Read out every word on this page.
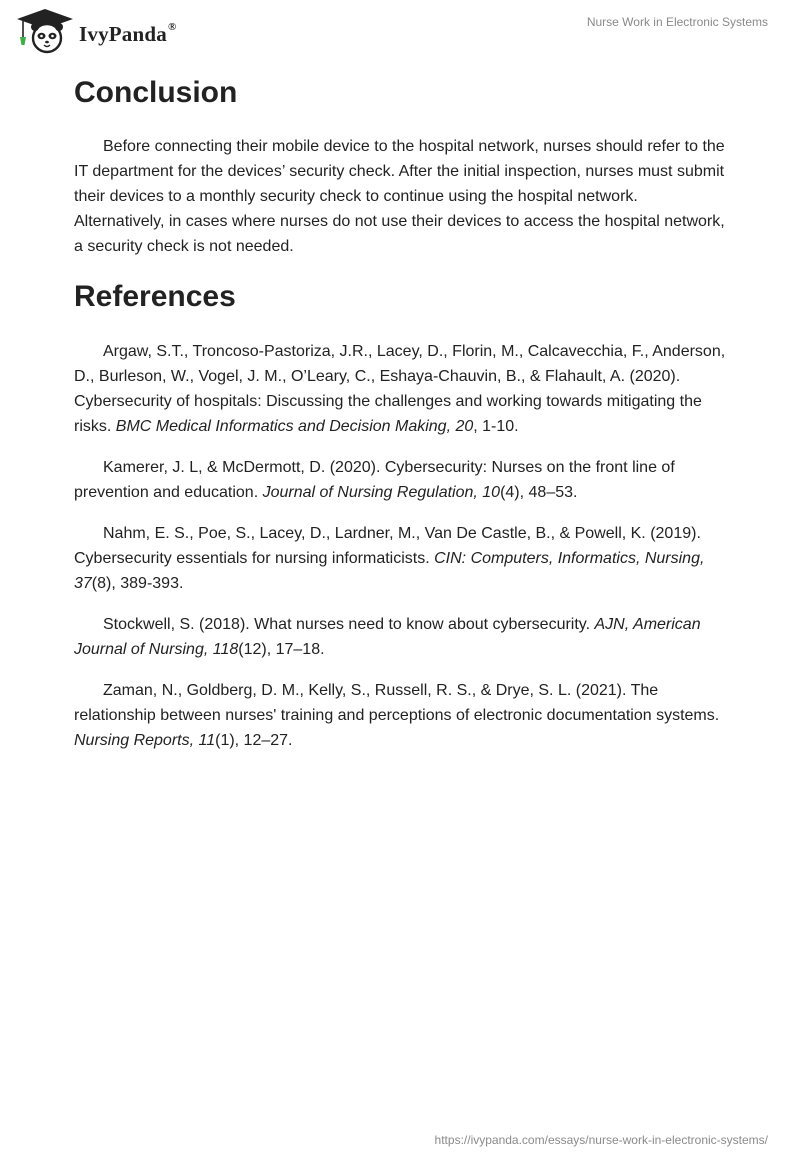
IvyPanda®	Nurse Work in Electronic Systems
Conclusion

Before connecting their mobile device to the hospital network, nurses should refer to the IT department for the devices’ security check. After the initial inspection, nurses must submit their devices to a monthly security check to continue using the hospital network. Alternatively, in cases where nurses do not use their devices to access the hospital network, a security check is not needed.

References

Argaw, S.T., Troncoso-Pastoriza, J.R., Lacey, D., Florin, M., Calcavecchia, F., Anderson, D., Burleson, W., Vogel, J. M., O’Leary, C., Eshaya-Chauvin, B., & Flahault, A. (2020). Cybersecurity of hospitals: Discussing the challenges and working towards mitigating the risks. BMC Medical Informatics and Decision Making, 20, 1-10.

Kamerer, J. L, & McDermott, D. (2020). Cybersecurity: Nurses on the front line of prevention and education. Journal of Nursing Regulation, 10(4), 48–53.

Nahm, E. S., Poe, S., Lacey, D., Lardner, M., Van De Castle, B., & Powell, K. (2019). Cybersecurity essentials for nursing informaticists. CIN: Computers, Informatics, Nursing, 37(8), 389-393.

Stockwell, S. (2018). What nurses need to know about cybersecurity. AJN, American Journal of Nursing, 118(12), 17–18.

Zaman, N., Goldberg, D. M., Kelly, S., Russell, R. S., & Drye, S. L. (2021). The relationship between nurses' training and perceptions of electronic documentation systems. Nursing Reports, 11(1), 12–27.

https://ivypanda.com/essays/nurse-work-in-electronic-systems/
